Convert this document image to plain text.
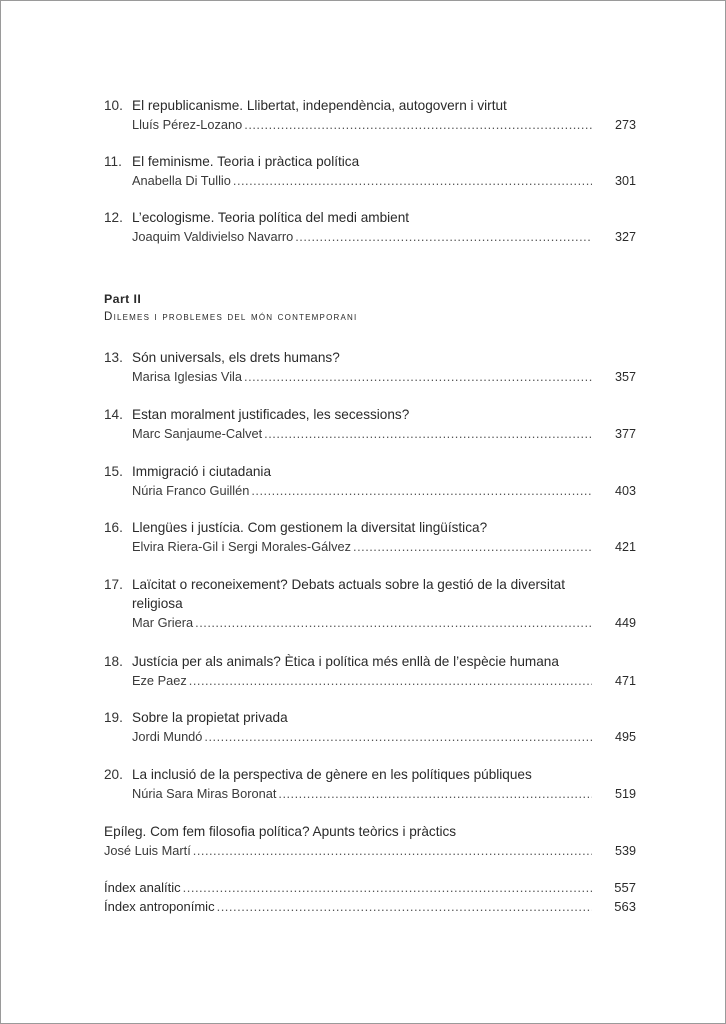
10. El republicanisme. Llibertat, independència, autogovern i virtut
Lluís Pérez-Lozano .....	273
11. El feminisme. Teoria i pràctica política
Anabella Di Tullio .....	301
12. L’ecologisme. Teoria política del medi ambient
Joaquim Valdivielso Navarro .....	327
Part II
Dilemes i problemes del món contemporani
13. Són universals, els drets humans?
Marisa Iglesias Vila .....	357
14. Estan moralment justificades, les secessions?
Marc Sanjaume-Calvet .....	377
15. Immigració i ciutadania
Núria Franco Guillén .....	403
16. Llengües i justícia. Com gestionem la diversitat lingüística?
Elvira Riera-Gil i Sergi Morales-Gálvez .....	421
17. Laïcitat o reconeixement? Debats actuals sobre la gestió de la diversitat religiosa
Mar Griera .....	449
18. Justícia per als animals? Ètica i política més enllà de l’espècie humana
Eze Paez .....	471
19. Sobre la propietat privada
Jordi Mundó .....	495
20. La inclusió de la perspectiva de gènere en les polítiques públiques
Núria Sara Miras Boronat .....	519
Epíleg. Com fem filosofia política? Apunts teòrics i pràctics
José Luis Martí .....	539
Índex analític .....	557
Índex antroponímic .....	563
